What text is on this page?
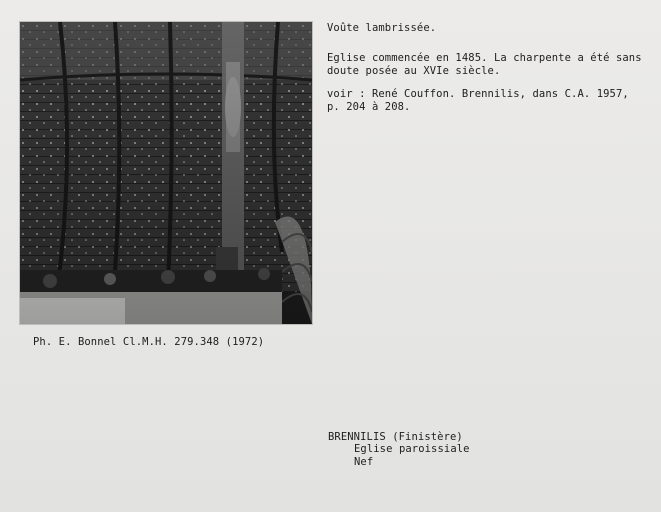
Voûte lambrissée.
Eglise commencée en 1485. La charpente a été sans
doute posée au XVIe siècle.
voir : René Couffon. Brennilis, dans C.A. 1957,
p. 204 à 208.
Ph. E. Bonnel Cl.M.H. 279.348 (1972)
BRENNILIS (Finistère)
Eglise paroissiale
Nef
